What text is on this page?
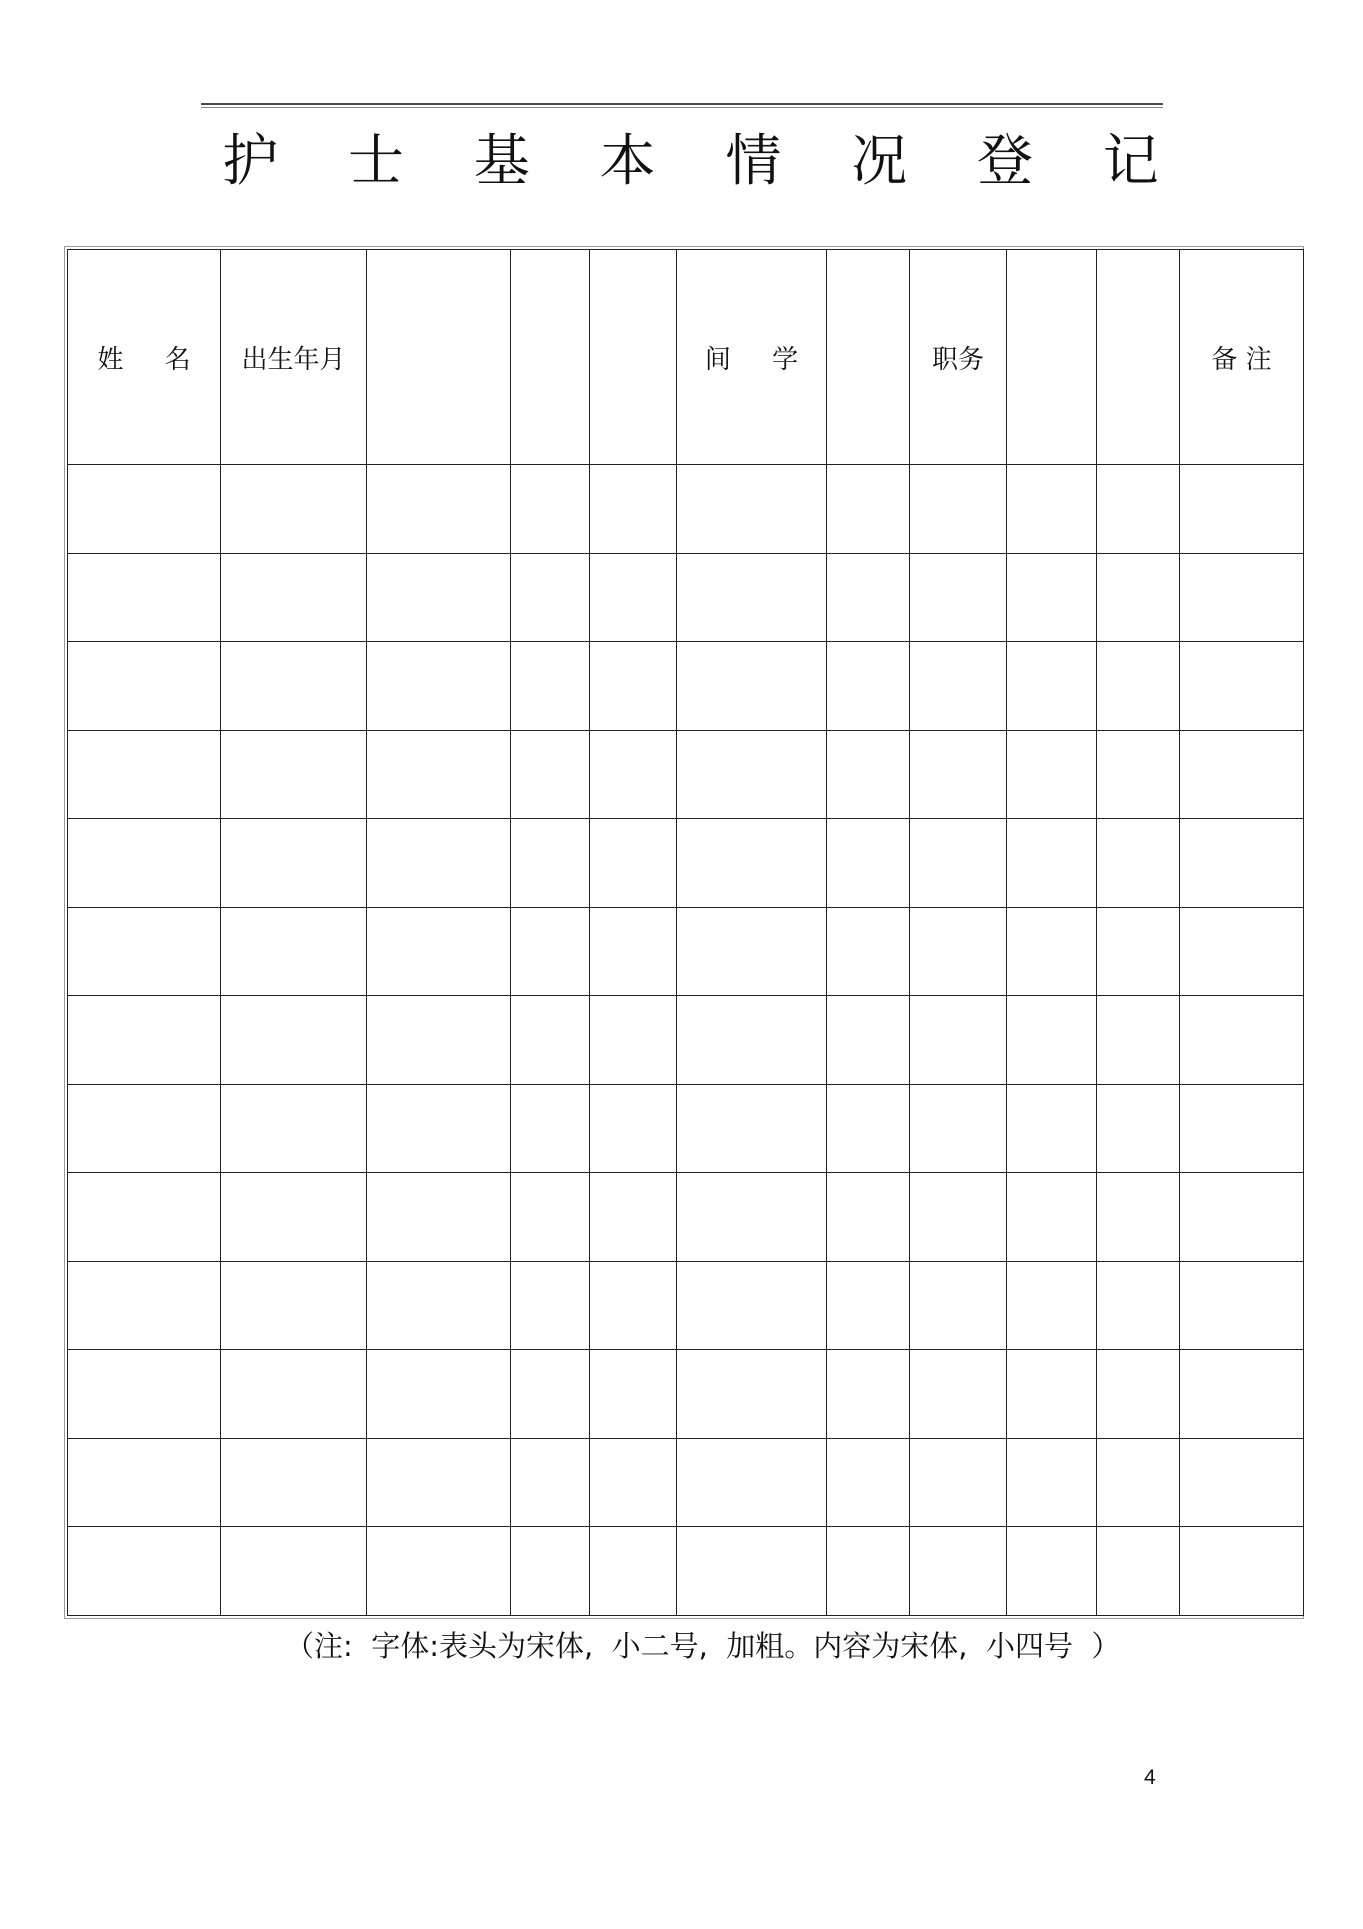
护 士 基 本 情 况 登 记
姓     名	出生年月				间     学		职务			备 注

（注:  字体:表头为宋体,  小二号,  加粗。内容为宋体,  小四号  ）
4
